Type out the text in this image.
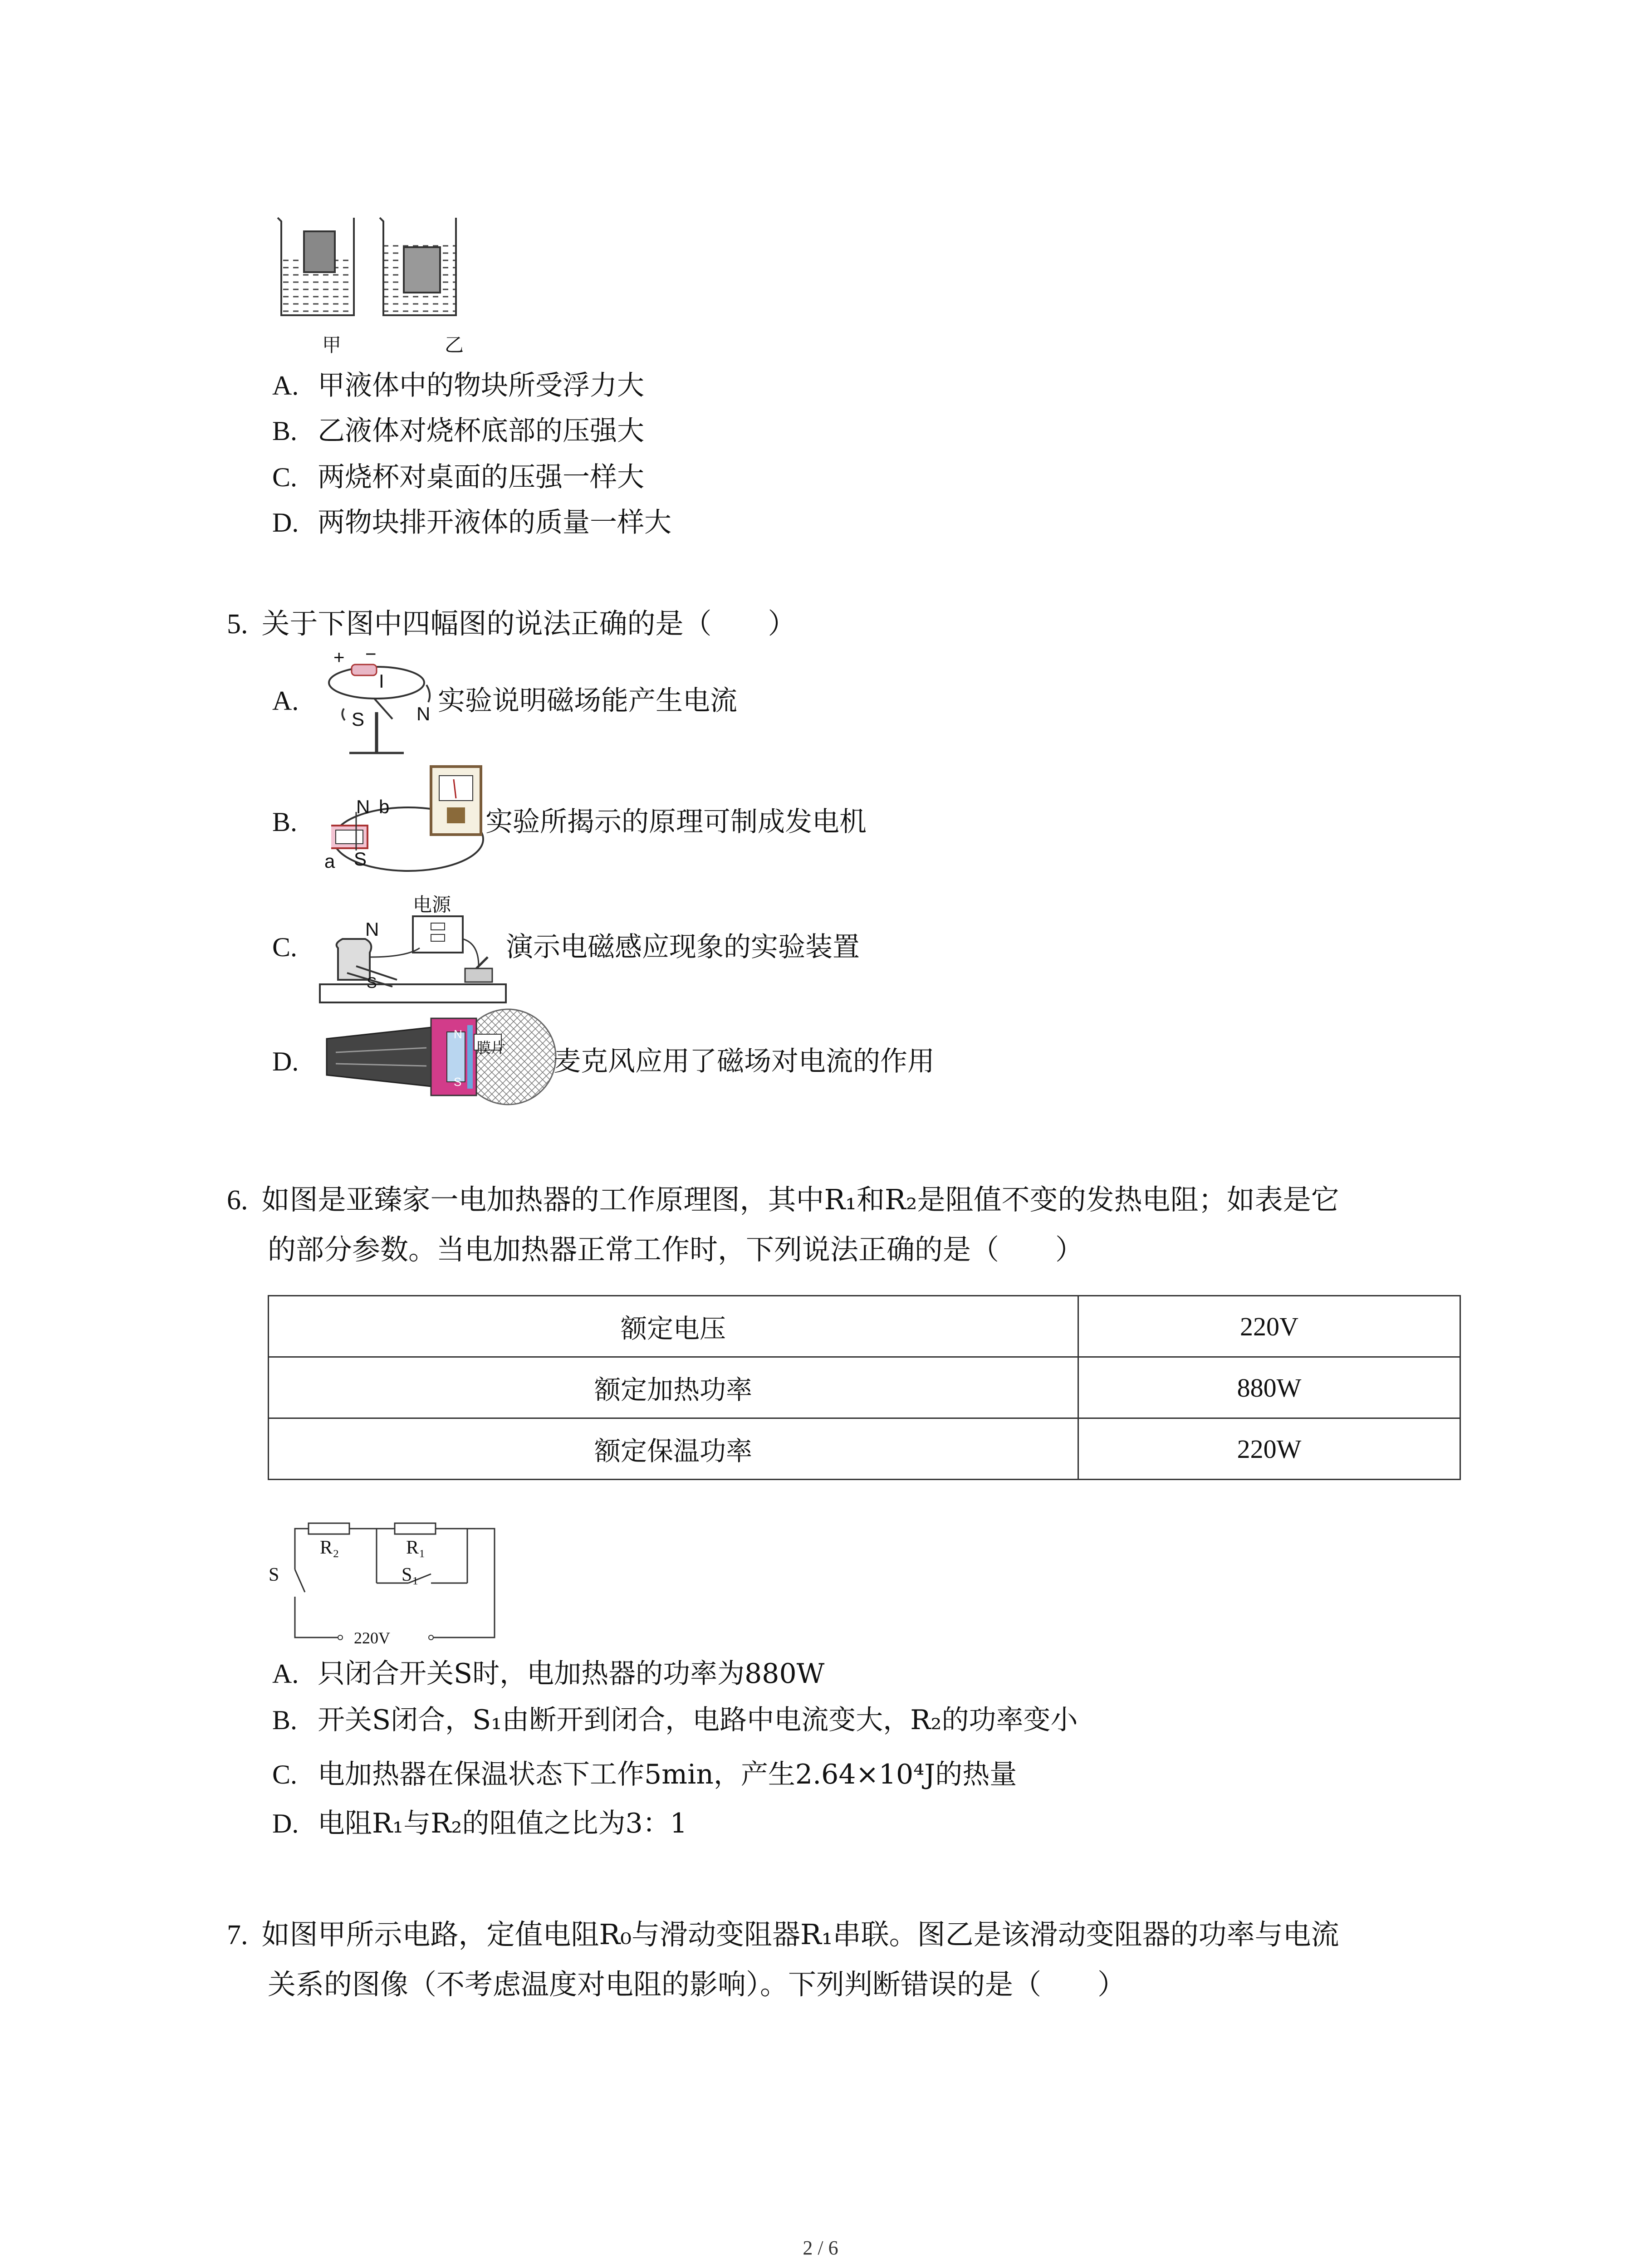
甲	乙
A. 甲液体中的物块所受浮力大
B. 乙液体对烧杯底部的压强大
C. 两烧杯对桌面的压强一样大
D. 两物块排开液体的质量一样大
5. 关于下图中四幅图的说法正确的是（　　）
A.
+ −
I
S	N 实验说明磁场能产生电流
B.
N b
a S
实验所揭示的原理可制成发电机
C.
电源
N
S
演示电磁感应现象的实验装置
D.	膜片
N
S
麦克风应用了磁场对电流的作用
6. 如图是亚臻家一电加热器的工作原理图，其中R₁和R₂是阻值不变的发热电阻；如表是它
的部分参数。当电加热器正常工作时，下列说法正确的是（　　）
额定电压	220V
额定加热功率	880W
额定保温功率	220W
R₂	R₁
S	S₁
220V
A. 只闭合开关S时，电加热器的功率为880W
B. 开关S闭合，S₁由断开到闭合，电路中电流变大，R₂的功率变小
C. 电加热器在保温状态下工作5min，产生2.64×10⁴J的热量
D. 电阻R₁与R₂的阻值之比为3：1
7. 如图甲所示电路，定值电阻R₀与滑动变阻器R₁串联。图乙是该滑动变阻器的功率与电流
关系的图像（不考虑温度对电阻的影响）。下列判断错误的是（　　）
2 / 6
